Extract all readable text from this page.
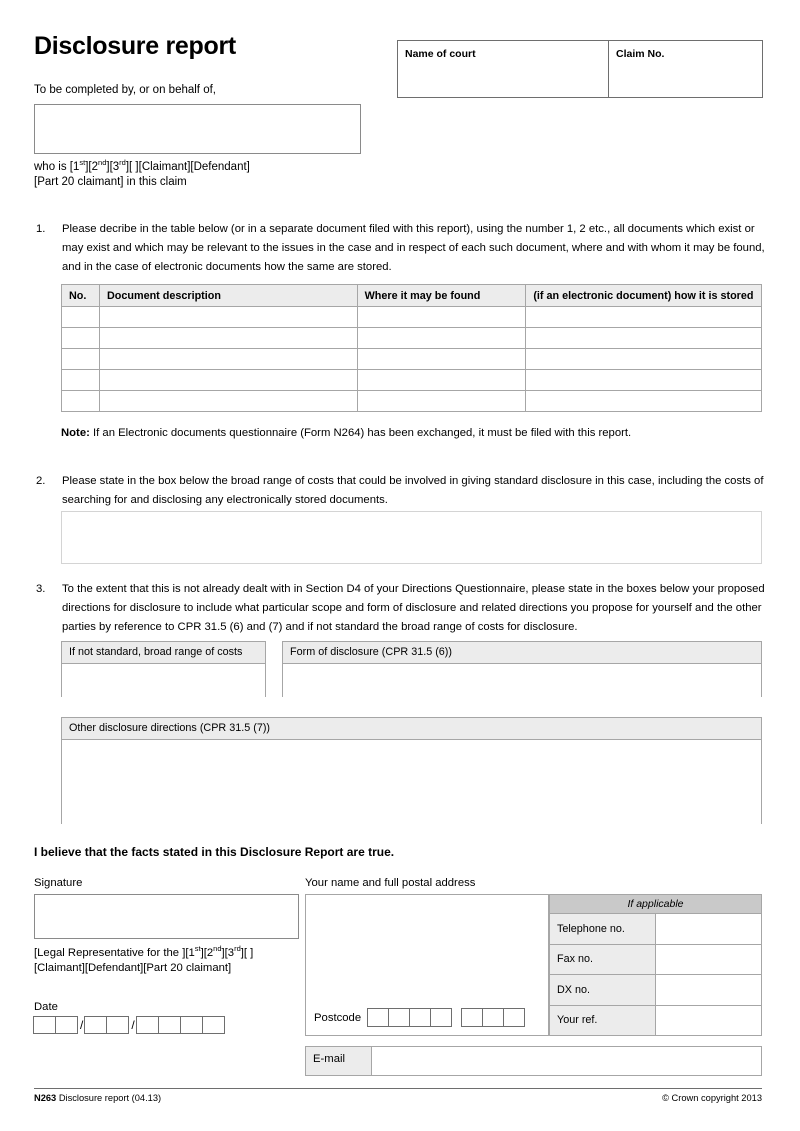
Disclosure report
To be completed by, or on behalf of,
who is [1st][2nd][3rd][ ][Claimant][Defendant]
[Part 20 claimant] in this claim
Name of court	Claim No.
1.	Please decribe in the table below (or in a separate document filed with this report), using the number 1, 2 etc., all documents which exist or may exist and which may be relevant to the issues in the case and in respect of each such document, where and with whom it may be found, and in the case of electronic documents how the same are stored.
No.	Document description	Where it may be found	(if an electronic document) how it is stored

Note: If an Electronic documents questionnaire (Form N264) has been exchanged, it must be filed with this report.
2.	Please state in the box below the broad range of costs that could be involved in giving standard disclosure in this case, including the costs of searching for and disclosing any electronically stored documents.
3.	To the extent that this is not already dealt with in Section D4 of your Directions Questionnaire, please state in the boxes below your proposed directions for disclosure to include what particular scope and form of disclosure and related directions you propose for yourself and the other parties by reference to CPR 31.5 (6) and (7) and if not standard the broad range of costs for disclosure.
If not standard, broad range of costs	Form of disclosure (CPR 31.5 (6))
Other disclosure directions (CPR 31.5 (7))
I believe that the facts stated in this Disclosure Report are true.
Signature
[Legal Representative for the ][1st][2nd][3rd][ ]
[Claimant][Defendant][Part 20 claimant]
Date
/	/
Your name and full postal address
Postcode
If applicable	
Telephone no.	
Fax no.	
DX no.	
Your ref.	
E-mail
N263 Disclosure report (04.13)	© Crown copyright 2013
